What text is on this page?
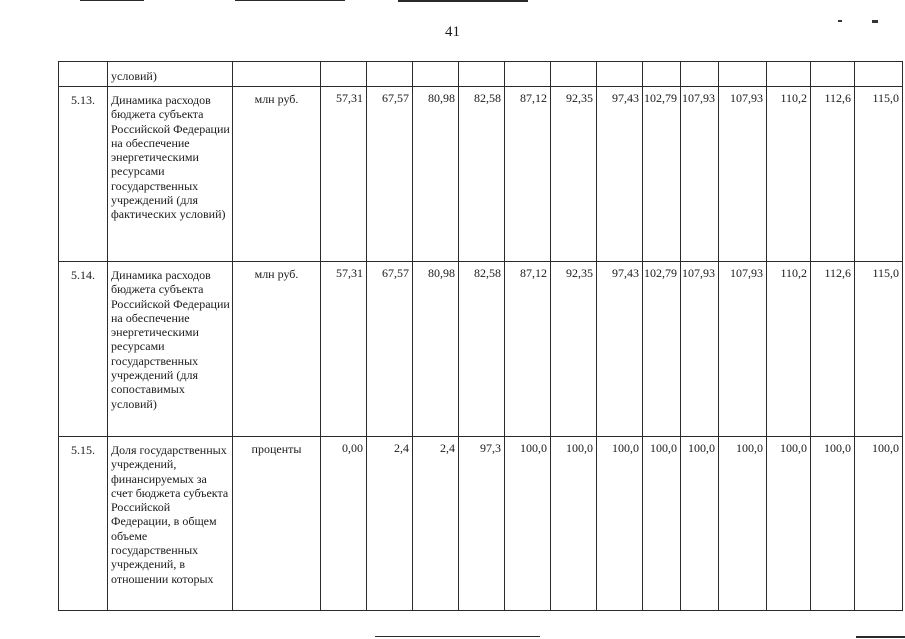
41
	условий)														
5.13.	Динамика расходов бюджета субъекта Российской Федерации на обеспечение энергетическими ресурсами государственных учреждений (для фактических условий)	млн руб.	57,31	67,57	80,98	82,58	87,12	92,35	97,43	102,79	107,93	107,93	110,2	112,6	115,0
5.14.	Динамика расходов бюджета субъекта Российской Федерации на обеспечение энергетическими ресурсами государственных учреждений (для сопоставимых условий)	млн руб.	57,31	67,57	80,98	82,58	87,12	92,35	97,43	102,79	107,93	107,93	110,2	112,6	115,0
5.15.	Доля государственных учреждений, финансируемых за счет бюджета субъекта Российской Федерации, в общем объеме государственных учреждений, в отношении которых	проценты	0,00	2,4	2,4	97,3	100,0	100,0	100,0	100,0	100,0	100,0	100,0	100,0	100,0
